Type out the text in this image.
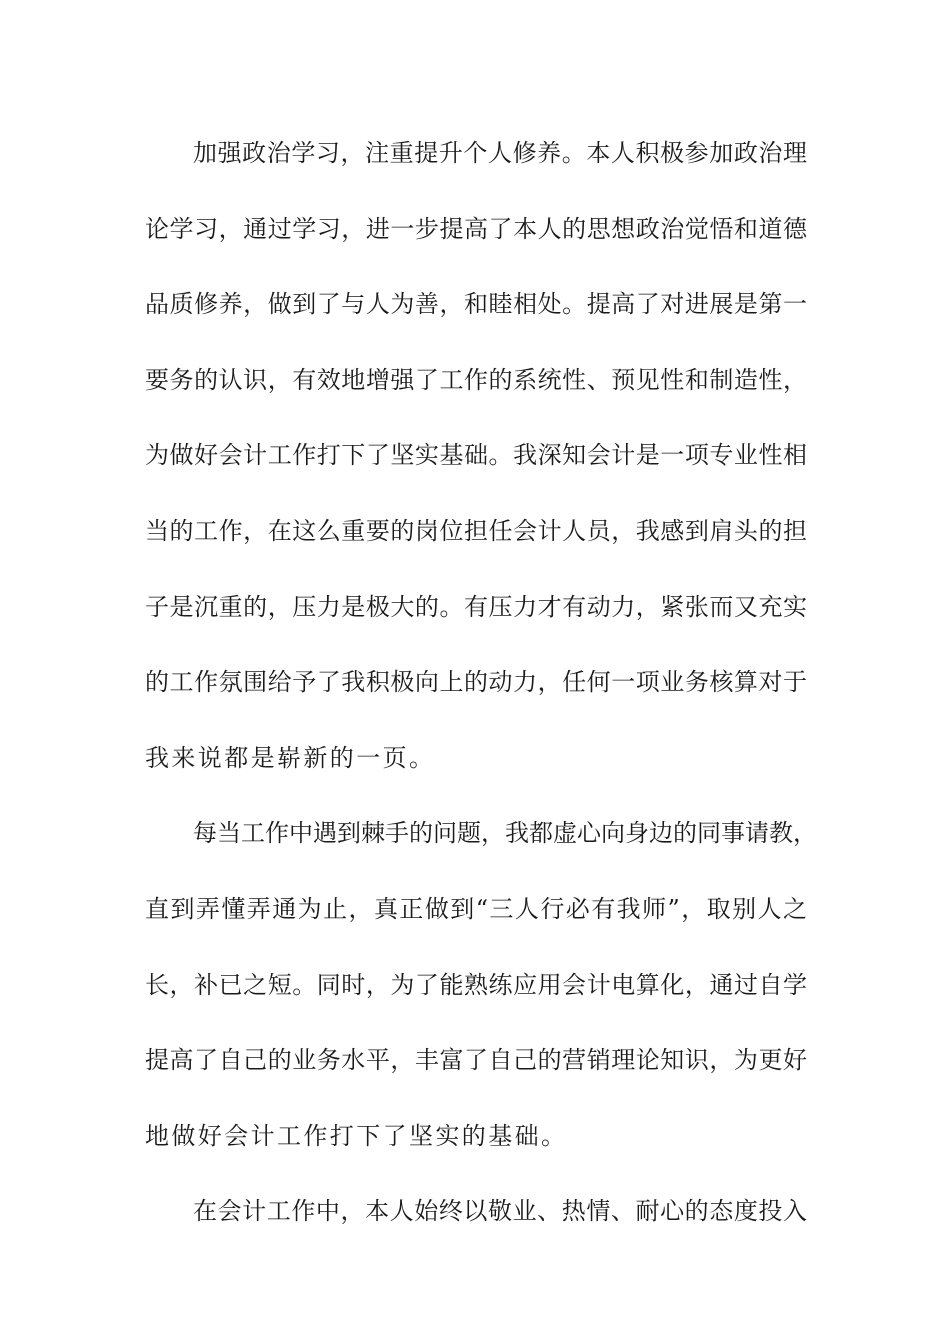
加强政治学习，注重提升个人修养。本人积极参加政治理
论学习，通过学习，进一步提高了本人的思想政治觉悟和道德
品质修养，做到了与人为善，和睦相处。提高了对进展是第一
要务的认识，有效地增强了工作的系统性、预见性和制造性，
为做好会计工作打下了坚实基础。我深知会计是一项专业性相
当的工作，在这么重要的岗位担任会计人员，我感到肩头的担
子是沉重的，压力是极大的。有压力才有动力，紧张而又充实
的工作氛围给予了我积极向上的动力，任何一项业务核算对于
我来说都是崭新的一页。
每当工作中遇到棘手的问题，我都虚心向身边的同事请教，
直到弄懂弄通为止，真正做到“三人行必有我师”，取别人之
长，补已之短。同时，为了能熟练应用会计电算化，通过自学
提高了自己的业务水平，丰富了自己的营销理论知识，为更好
地做好会计工作打下了坚实的基础。
在会计工作中，本人始终以敬业、热情、耐心的态度投入
